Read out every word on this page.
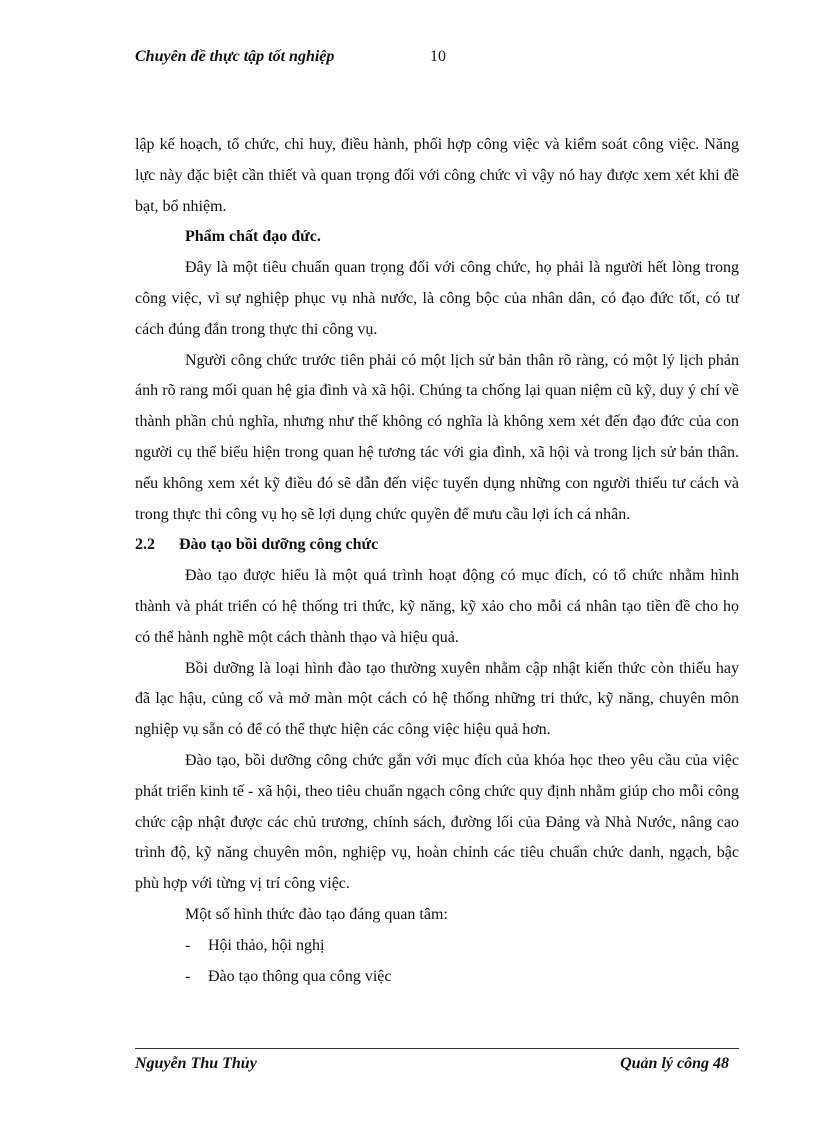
Chuyên đề thực tập tốt nghiệp	10

lập kế hoạch, tổ chức, chỉ huy, điều hành, phối hợp công việc và kiểm soát công việc. Năng lực này đặc biệt cần thiết và quan trọng đối với công chức vì vậy nó hay được xem xét khi đề bạt, bổ nhiệm.

Phẩm chất đạo đức.

Đây là một tiêu chuẩn quan trọng đối với công chức, họ phải là người hết lòng trong công việc, vì sự nghiệp phục vụ nhà nước, là công bộc của nhân dân, có đạo đức tốt, có tư cách đúng đắn trong thực thi công vụ.

Người công chức trước tiên phải có một lịch sử bản thân rõ ràng, có một lý lịch phản ánh rõ rang mối quan hệ gia đình và xã hội. Chúng ta chống lại quan niệm cũ kỹ, duy ý chí về thành phần chủ nghĩa, nhưng như thế không có nghĩa là không xem xét đến đạo đức của con người cụ thể biểu hiện trong quan hệ tương tác với gia đình, xã hội và trong lịch sử bản thân. nếu không xem xét kỹ điều đó sẽ dẫn đến việc tuyển dụng những con người thiếu tư cách và trong thực thi công vụ họ sẽ lợi dụng chức quyền để mưu cầu lợi ích cá nhân.

2.2	Đào tạo bồi dưỡng công chức

Đào tạo được hiểu là một quá trình hoạt động có mục đích, có tổ chức nhằm hình thành và phát triển có hệ thống tri thức, kỹ năng, kỹ xảo cho mỗi cá nhân tạo tiền đề cho họ có thể hành nghề một cách thành thạo và hiệu quả.

Bồi dưỡng là loại hình đào tạo thường xuyên nhằm cập nhật kiến thức còn thiếu hay đã lạc hậu, củng cố và mở màn một cách có hệ thống những tri thức, kỹ năng, chuyên môn nghiệp vụ sẵn có để có thể thực hiện các công việc hiệu quả hơn.

Đào tạo, bồi dưỡng công chức gắn với mục đích của khóa học theo yêu cầu của việc phát triển kinh tế - xã hội, theo tiêu chuẩn ngạch công chức quy định nhằm giúp cho mỗi công chức cập nhật được các chủ trương, chính sách, đường lối của Đảng và Nhà Nước, nâng cao trình độ, kỹ năng chuyên môn, nghiệp vụ, hoàn chỉnh các tiêu chuẩn chức danh, ngạch, bậc phù hợp với từng vị trí công việc.

Một số hình thức đào tạo đáng quan tâm:

-	Hội thảo, hội nghị
-	Đào tạo thông qua công việc
Nguyễn Thu Thủy	Quản lý công 48
